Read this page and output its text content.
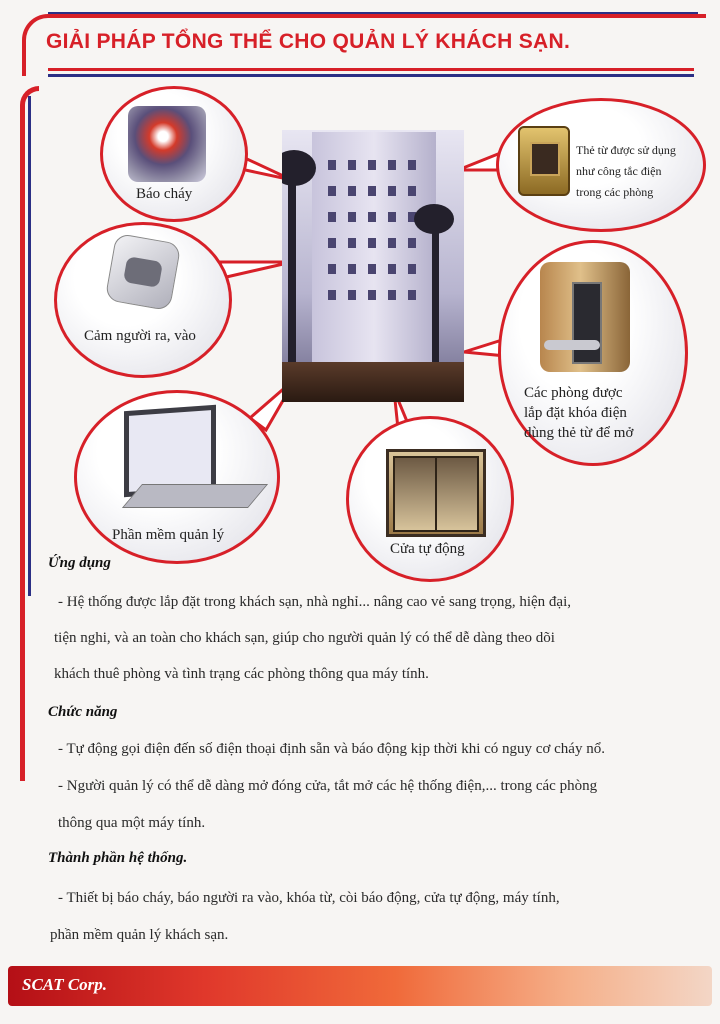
GIẢI PHÁP TỔNG THỂ CHO QUẢN LÝ KHÁCH SẠN.
Báo cháy
Cảm người ra, vào
Phần mềm quản lý
Cửa tự động
Thẻ từ được sử dụng
như công tắc điện
trong các phòng
Các phòng được
lắp đặt khóa điện
dùng thẻ từ để mở
Ứng dụng
- Hệ thống được lắp đặt trong khách sạn, nhà nghỉ... nâng cao vẻ sang trọng, hiện đại,
tiện nghi, và an toàn cho khách sạn, giúp cho người quản lý có thể dễ dàng theo dõi
khách thuê phòng và tình trạng các phòng thông qua máy tính.
Chức năng
- Tự động gọi điện đến số điện thoại định sẵn và báo động kịp thời khi có nguy cơ cháy nổ.
- Người quản lý có thể dễ dàng mở đóng cửa, tắt mở các hệ thống điện,... trong các phòng
thông qua một máy tính.
Thành phần hệ thống.
- Thiết bị báo cháy, báo người ra vào, khóa từ, còi báo động, cửa tự động, máy tính,
phần mềm quản lý khách sạn.
SCAT Corp.
